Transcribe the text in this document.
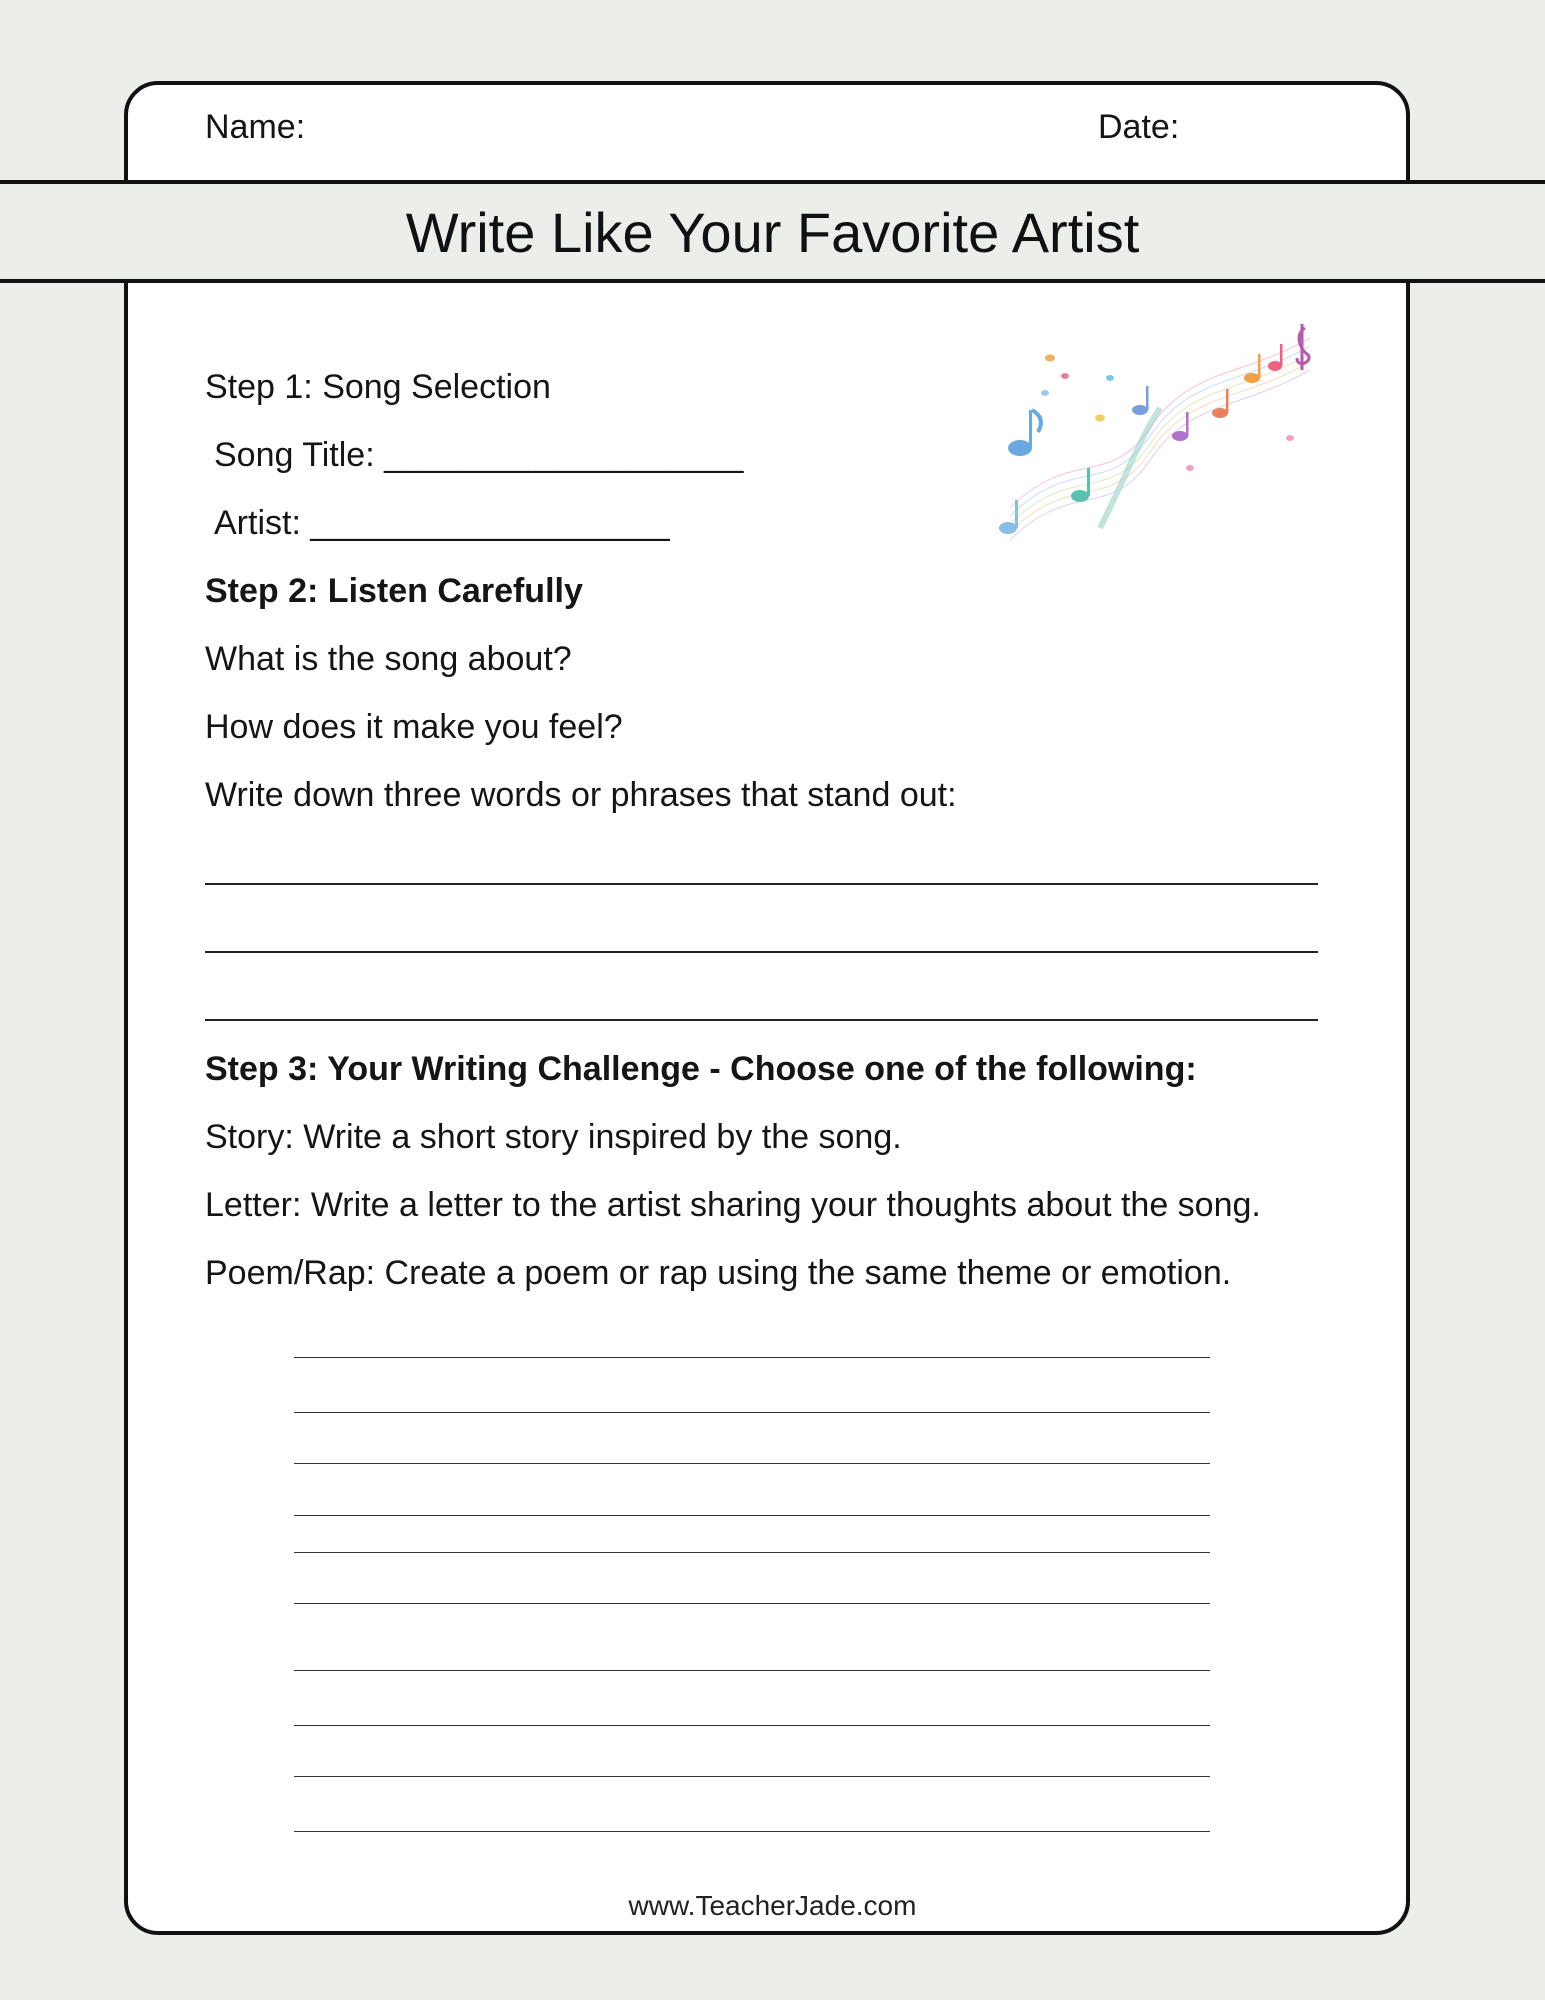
Name:	Date:
Write Like Your Favorite Artist
Step 1: Song Selection
Song Title: ___________________
Artist: ___________________
Step 2: Listen Carefully
What is the song about?
How does it make you feel?
Write down three words or phrases that stand out:
Step 3: Your Writing Challenge - Choose one of the following:
Story: Write a short story inspired by the song.
Letter: Write a letter to the artist sharing your thoughts about the song.
Poem/Rap: Create a poem or rap using the same theme or emotion.
www.TeacherJade.com
